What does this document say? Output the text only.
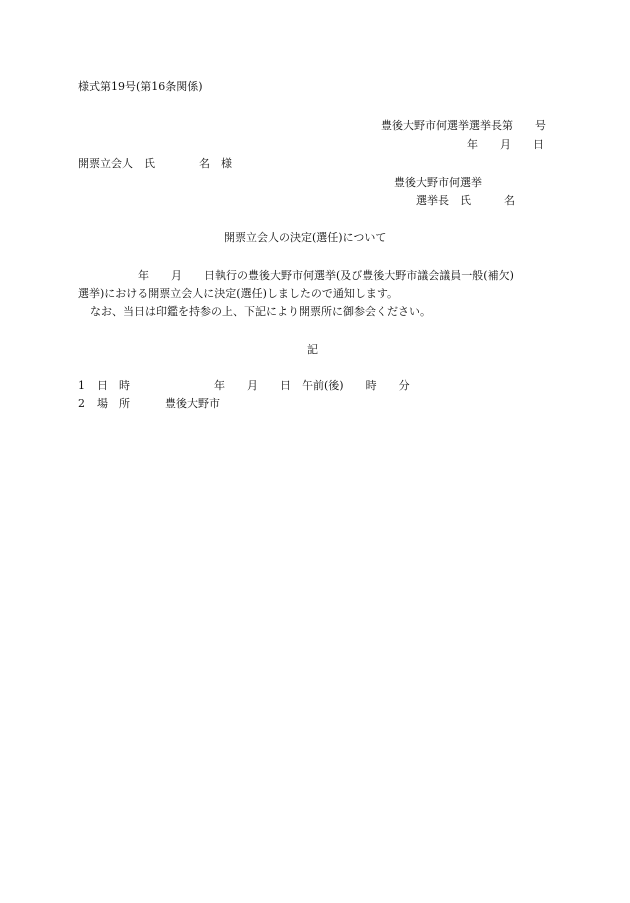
様式第19号(第16条関係)
豊後大野市何選挙選挙長第　　号
年　　月　　日
開票立会人　氏　　　　名　様
豊後大野市何選挙
選挙長　氏　　　名
開票立会人の決定(選任)について
年　　月　　日執行の豊後大野市何選挙(及び豊後大野市議会議員一般(補欠)
選挙)における開票立会人に決定(選任)しましたので通知します。
なお、当日は印鑑を持参の上、下記により開票所に御参会ください。
記
1 日　時	年　　月　　日　午前(後)　　時　　分
2 場　所	豊後大野市
